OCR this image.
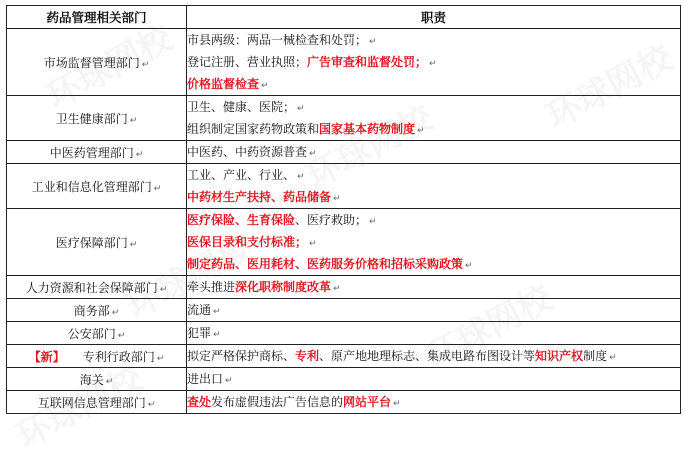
药品管理相关部门	职责
市场监督管理部门 ↵	市县两级：两品一械检查和处罚； ↵
登记注册、营业执照；广告审查和监督处罚； ↵
价格监督检查 ↵

卫生健康部门 ↵	卫生、健康、医院； ↵
组织制定国家药物政策和国家基本药物制度 ↵

中医药管理部门 ↵	中医药、中药资源普查 ↵

工业和信息化管理部门 ↵	工业、产业、行业、 ↵
中药材生产扶持、药品储备 ↵

医疗保障部门 ↵	医疗保险、生育保险、医疗救助； ↵
医保目录和支付标准； ↵
制定药品、医用耗材、医药服务价格和招标采购政策 ↵

人力资源和社会保障部门 ↵	牵头推进深化职称制度改革 ↵

商务部 ↵	流通 ↵

公安部门 ↵	犯罪 ↵

【新】 专利行政部门 ↵	拟定严格保护商标、专利、原产地地理标志、集成电路布图设计等知识产权制度 ↵

海关 ↵	进出口 ↵

互联网信息管理部门 ↵	查处发布虚假违法广告信息的网站平台 ↵
